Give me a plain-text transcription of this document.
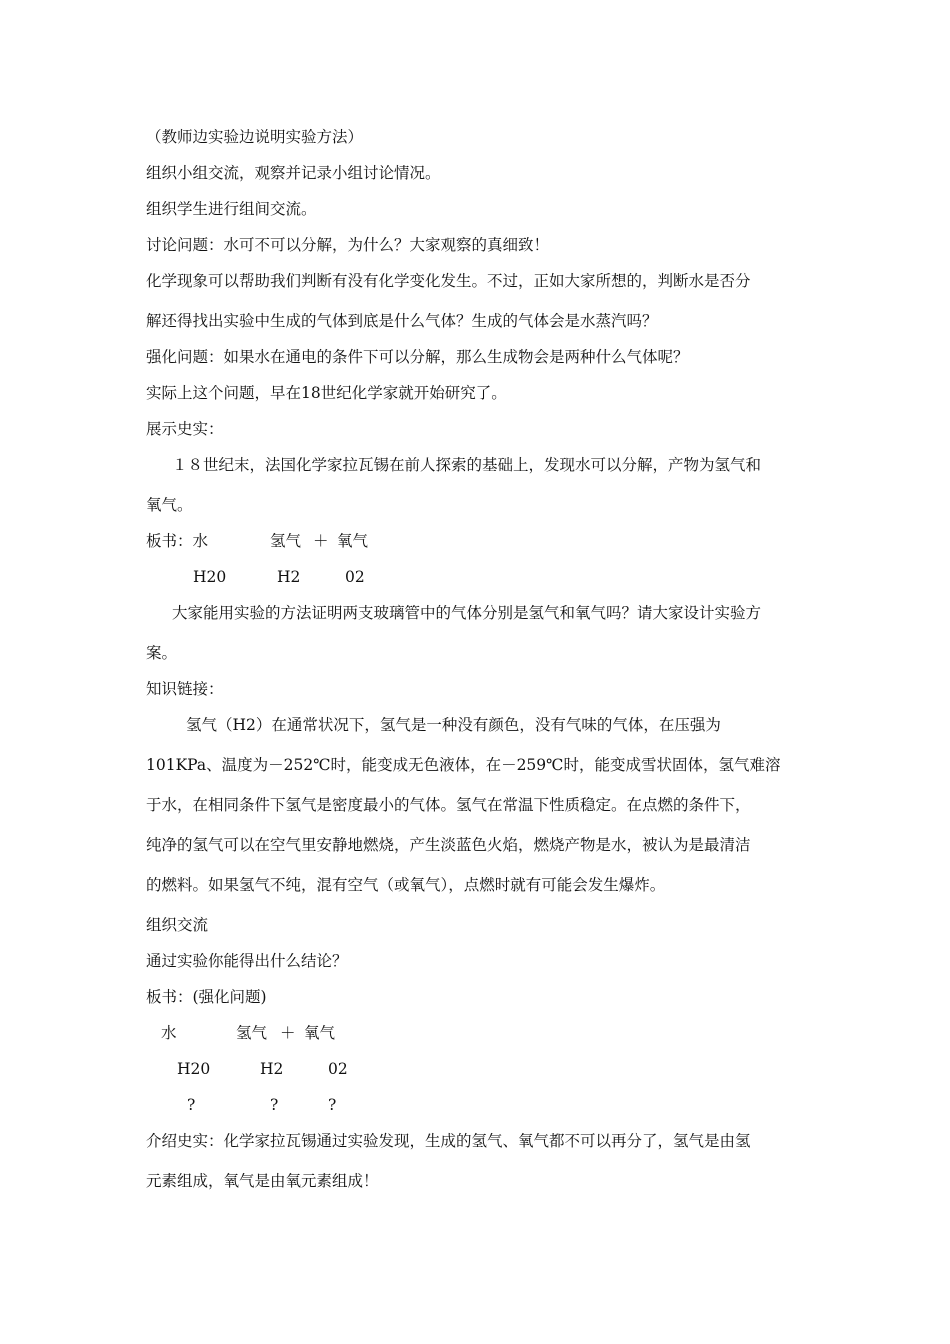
（教师边实验边说明实验方法）
组织小组交流，观察并记录小组讨论情况。
组织学生进行组间交流。
讨论问题：水可不可以分解，为什么？大家观察的真细致！
化学现象可以帮助我们判断有没有化学变化发生。不过，正如大家所想的，判断水是否分
解还得找出实验中生成的气体到底是什么气体？生成的气体会是水蒸汽吗？
强化问题：如果水在通电的条件下可以分解，那么生成物会是两种什么气体呢？
实际上这个问题，早在18世纪化学家就开始研究了。
展示史实：
１８世纪末，法国化学家拉瓦锡在前人探索的基础上，发现水可以分解，产物为氢气和
氧气。
板书：水	氢气 ＋ 氧气
H20	H2	02
大家能用实验的方法证明两支玻璃管中的气体分别是氢气和氧气吗？请大家设计实验方
案。
知识链接：
氢气（H2）在通常状况下，氢气是一种没有颜色，没有气味的气体，在压强为
101KPa、温度为－252℃时，能变成无色液体，在－259℃时，能变成雪状固体，氢气难溶
于水，在相同条件下氢气是密度最小的气体。氢气在常温下性质稳定。在点燃的条件下，
纯净的氢气可以在空气里安静地燃烧，产生淡蓝色火焰，燃烧产物是水，被认为是最清洁
的燃料。如果氢气不纯，混有空气（或氧气），点燃时就有可能会发生爆炸。
组织交流
通过实验你能得出什么结论？
板书：(强化问题)
水	氢气 ＋ 氧气
H20	H2	02
?	?	?
介绍史实：化学家拉瓦锡通过实验发现，生成的氢气、氧气都不可以再分了，氢气是由氢
元素组成，氧气是由氧元素组成！
